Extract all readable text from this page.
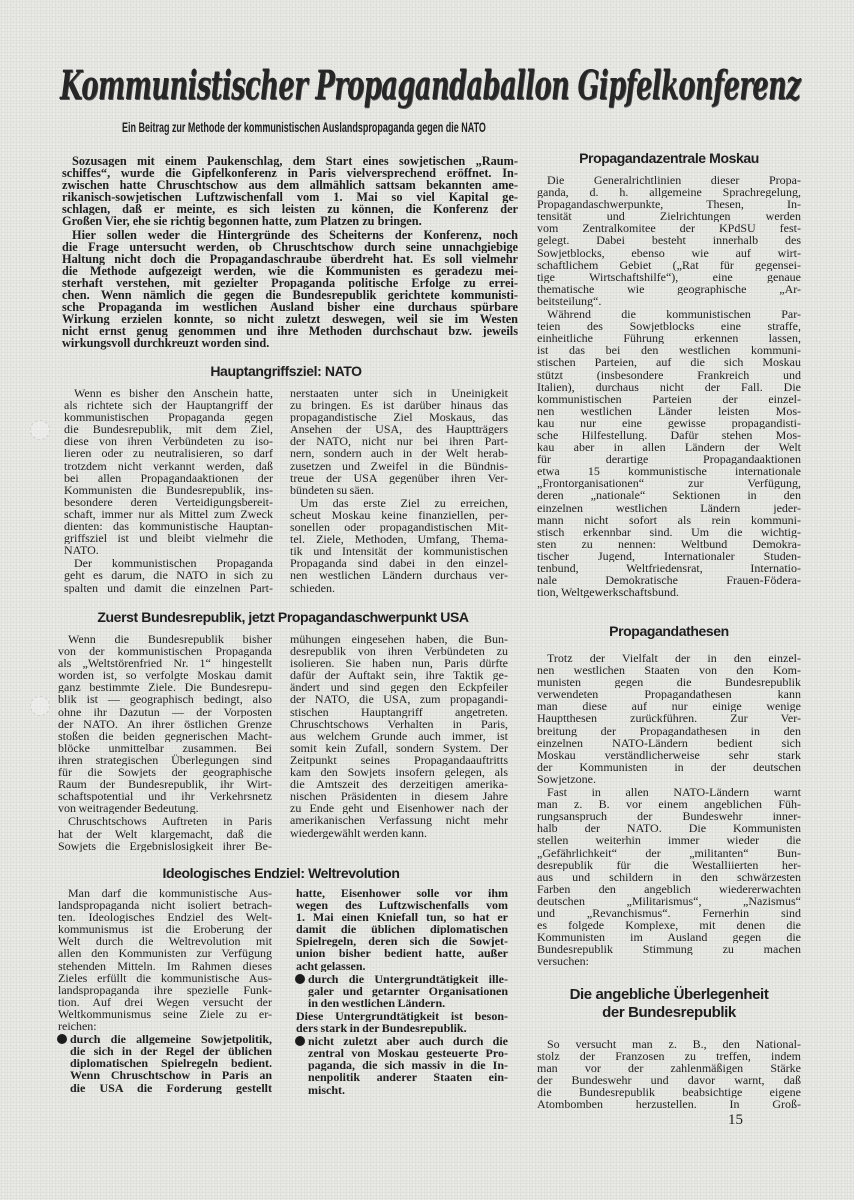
Kommunistischer Propagandaballon Gipfelkonferenz
Ein Beitrag zur Methode der kommunistischen Auslandspropaganda gegen die NATO
Sozusagen mit einem Paukenschlag, dem Start eines sowjetischen „Raum-
schiffes“, wurde die Gipfelkonferenz in Paris vielversprechend eröffnet. In-
zwischen hatte Chruschtschow aus dem allmählich sattsam bekannten ame-
rikanisch-sowjetischen Luftzwischenfall vom 1. Mai so viel Kapital ge-
schlagen, daß er meinte, es sich leisten zu können, die Konferenz der
Großen Vier, ehe sie richtig begonnen hatte, zum Platzen zu bringen.
Hier sollen weder die Hintergründe des Scheiterns der Konferenz, noch
die Frage untersucht werden, ob Chruschtschow durch seine unnachgiebige
Haltung nicht doch die Propagandaschraube überdreht hat. Es soll vielmehr
die Methode aufgezeigt werden, wie die Kommunisten es geradezu mei-
sterhaft verstehen, mit gezielter Propaganda politische Erfolge zu errei-
chen. Wenn nämlich die gegen die Bundesrepublik gerichtete kommunisti-
sche Propaganda im westlichen Ausland bisher eine durchaus spürbare
Wirkung erzielen konnte, so nicht zuletzt deswegen, weil sie im Westen
nicht ernst genug genommen und ihre Methoden durchschaut bzw. jeweils
wirkungsvoll durchkreuzt worden sind.
Hauptangriffsziel: NATO
Wenn es bisher den Anschein hatte,
als richtete sich der Hauptangriff der
kommunistischen Propaganda gegen
die Bundesrepublik, mit dem Ziel,
diese von ihren Verbündeten zu iso-
lieren oder zu neutralisieren, so darf
trotzdem nicht verkannt werden, daß
bei allen Propagandaaktionen der
Kommunisten die Bundesrepublik, ins-
besondere deren Verteidigungsbereit-
schaft, immer nur als Mittel zum Zweck
dienten: das kommunistische Hauptan-
griffsziel ist und bleibt vielmehr die
NATO.
Der kommunistischen Propaganda
geht es darum, die NATO in sich zu
spalten und damit die einzelnen Part-
nerstaaten unter sich in Uneinigkeit
zu bringen. Es ist darüber hinaus das
propagandistische Ziel Moskaus, das
Ansehen der USA, des Hauptträgers
der NATO, nicht nur bei ihren Part-
nern, sondern auch in der Welt herab-
zusetzen und Zweifel in die Bündnis-
treue der USA gegenüber ihren Ver-
bündeten su säen.
Um das erste Ziel zu erreichen,
scheut Moskau keine finanziellen, per-
sonellen oder propagandistischen Mit-
tel. Ziele, Methoden, Umfang, Thema-
tik und Intensität der kommunistischen
Propaganda sind dabei in den einzel-
nen westlichen Ländern durchaus ver-
schieden.
Zuerst Bundesrepublik, jetzt Propagandaschwerpunkt USA
Wenn die Bundesrepublik bisher
von der kommunistischen Propaganda
als „Weltstörenfried Nr. 1“ hingestellt
worden ist, so verfolgte Moskau damit
ganz bestimmte Ziele. Die Bundesrepu-
blik ist — geographisch bedingt, also
ohne ihr Dazutun — der Vorposten
der NATO. An ihrer östlichen Grenze
stoßen die beiden gegnerischen Macht-
blöcke unmittelbar zusammen. Bei
ihren strategischen Überlegungen sind
für die Sowjets der geographische
Raum der Bundesrepublik, ihr Wirt-
schaftspotential und ihr Verkehrsnetz
von weitragender Bedeutung.
Chruschtschows Auftreten in Paris
hat der Welt klargemacht, daß die
Sowjets die Ergebnislosigkeit ihrer Be-
mühungen eingesehen haben, die Bun-
desrepublik von ihren Verbündeten zu
isolieren. Sie haben nun, Paris dürfte
dafür der Auftakt sein, ihre Taktik ge-
ändert und sind gegen den Eckpfeiler
der NATO, die USA, zum propagandi-
stischen Hauptangriff angetreten.
Chruschtschows Verhalten in Paris,
aus welchem Grunde auch immer, ist
somit kein Zufall, sondern System. Der
Zeitpunkt seines Propagandaauftritts
kam den Sowjets insofern gelegen, als
die Amtszeit des derzeitigen amerika-
nischen Präsidenten in diesem Jahre
zu Ende geht und Eisenhower nach der
amerikanischen Verfassung nicht mehr
wiedergewählt werden kann.
Ideologisches Endziel: Weltrevolution
Man darf die kommunistische Aus-
landspropaganda nicht isoliert betrach-
ten. Ideologisches Endziel des Welt-
kommunismus ist die Eroberung der
Welt durch die Weltrevolution mit
allen den Kommunisten zur Verfügung
stehenden Mitteln. Im Rahmen dieses
Zieles erfüllt die kommunistische Aus-
landspropaganda ihre spezielle Funk-
tion. Auf drei Wegen versucht der
Weltkommunismus seine Ziele zu er-
reichen:
durch die allgemeine Sowjetpolitik,
die sich in der Regel der üblichen
diplomatischen Spielregeln bedient.
Wenn Chruschtschow in Paris an
die USA die Forderung gestellt
hatte, Eisenhower solle vor ihm
wegen des Luftzwischenfalls vom
1. Mai einen Kniefall tun, so hat er
damit die üblichen diplomatischen
Spielregeln, deren sich die Sowjet-
union bisher bedient hatte, außer
acht gelassen.
durch die Untergrundtätigkeit ille-
galer und getarnter Organisationen
in den westlichen Ländern.
Diese Untergrundtätigkeit ist beson-
ders stark in der Bundesrepublik.
nicht zuletzt aber auch durch die
zentral von Moskau gesteuerte Pro-
paganda, die sich massiv in die In-
nenpolitik anderer Staaten ein-
mischt.
Propagandazentrale Moskau
Die Generalrichtlinien dieser Propa-
ganda, d. h. allgemeine Sprachregelung,
Propagandaschwerpunkte, Thesen, In-
tensität und Zielrichtungen werden
vom Zentralkomitee der KPdSU fest-
gelegt. Dabei besteht innerhalb des
Sowjetblocks, ebenso wie auf wirt-
schaftlichem Gebiet („Rat für gegensei-
tige Wirtschaftshilfe“), eine genaue
thematische wie geographische „Ar-
beitsteilung“.
Während die kommunistischen Par-
teien des Sowjetblocks eine straffe,
einheitliche Führung erkennen lassen,
ist das bei den westlichen kommuni-
stischen Parteien, auf die sich Moskau
stützt (insbesondere Frankreich und
Italien), durchaus nicht der Fall. Die
kommunistischen Parteien der einzel-
nen westlichen Länder leisten Mos-
kau nur eine gewisse propagandisti-
sche Hilfestellung. Dafür stehen Mos-
kau aber in allen Ländern der Welt
für derartige Propagandaaktionen
etwa 15 kommunistische internationale
„Frontorganisationen“ zur Verfügung,
deren „nationale“ Sektionen in den
einzelnen westlichen Ländern jeder-
mann nicht sofort als rein kommuni-
stisch erkennbar sind. Um die wichtig-
sten zu nennen: Weltbund Demokra-
tischer Jugend, Internationaler Studen-
tenbund, Weltfriedensrat, Internatio-
nale Demokratische Frauen-Födera-
tion, Weltgewerkschaftsbund.
Propagandathesen
Trotz der Vielfalt der in den einzel-
nen westlichen Staaten von den Kom-
munisten gegen die Bundesrepublik
verwendeten Propagandathesen kann
man diese auf nur einige wenige
Hauptthesen zurückführen. Zur Ver-
breitung der Propagandathesen in den
einzelnen NATO-Ländern bedient sich
Moskau verständlicherweise sehr stark
der Kommunisten in der deutschen
Sowjetzone.
Fast in allen NATO-Ländern warnt
man z. B. vor einem angeblichen Füh-
rungsanspruch der Bundeswehr inner-
halb der NATO. Die Kommunisten
stellen weiterhin immer wieder die
„Gefährlichkeit“ der „militanten“ Bun-
desrepublik für die Westalliierten her-
aus und schildern in den schwärzesten
Farben den angeblich wiedererwachten
deutschen „Militarismus“, „Nazismus“
und „Revanchismus“. Fernerhin sind
es folgede Komplexe, mit denen die
Kommunisten im Ausland gegen die
Bundesrepublik Stimmung zu machen
versuchen:
Die angebliche Überlegenheit
der Bundesrepublik
So versucht man z. B., den National-
stolz der Franzosen zu treffen, indem
man vor der zahlenmäßigen Stärke
der Bundeswehr und davor warnt, daß
die Bundesrepublik beabsichtige eigene
Atombomben herzustellen. In Groß-
15
